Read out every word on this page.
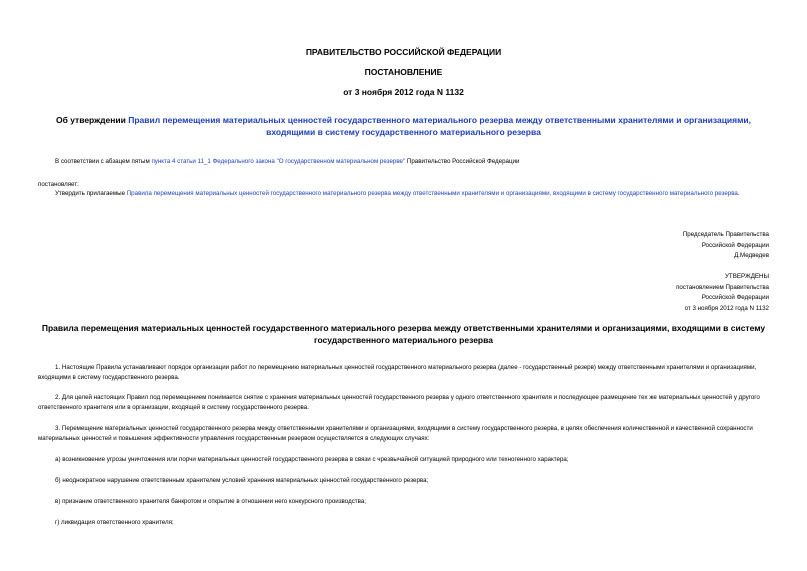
ПРАВИТЕЛЬСТВО РОССИЙСКОЙ ФЕДЕРАЦИИ
ПОСТАНОВЛЕНИЕ
от 3 ноября 2012 года N 1132
Об утверждении Правил перемещения материальных ценностей государственного материального резерва между ответственными хранителями и организациями, входящими в систему государственного материального резерва
В соответствии с абзацем пятым пункта 4 статьи 11_1 Федерального закона "О государственном материальном резерве" Правительство Российской Федерации
постановляет:
Утвердить прилагаемые Правила перемещения материальных ценностей государственного материального резерва между ответственными хранителями и организациями, входящими в систему государственного материального резерва.
Председатель Правительства
Российской Федерации
Д.Медведев
УТВЕРЖДЕНЫ
постановлением Правительства
Российской Федерации
от 3 ноября 2012 года N 1132
Правила перемещения материальных ценностей государственного материального резерва между ответственными хранителями и организациями, входящими в систему государственного материального резерва
1. Настоящие Правила устанавливают порядок организации работ по перемещению материальных ценностей государственного материального резерва (далее - государственный резерв) между ответственными хранителями и организациями, входящими в систему государственного резерва.
2. Для целей настоящих Правил под перемещением понимается снятие с хранения материальных ценностей государственного резерва у одного ответственного хранителя и последующее размещение тех же материальных ценностей у другого ответственного хранителя или в организации, входящей в систему государственного резерва.
3. Перемещение материальных ценностей государственного резерва между ответственными хранителями и организациями, входящими в систему государственного резерва, в целях обеспечения количественной и качественной сохранности материальных ценностей и повышения эффективности управления государственным резервом осуществляется в следующих случаях:
а) возникновение угрозы уничтожения или порчи материальных ценностей государственного резерва в связи с чрезвычайной ситуацией природного или техногенного характера;
б) неоднократное нарушение ответственным хранителем условий хранения материальных ценностей государственного резерва;
в) признание ответственного хранителя банкротом и открытие в отношении него конкурсного производства;
г) ликвидация ответственного хранителя;
